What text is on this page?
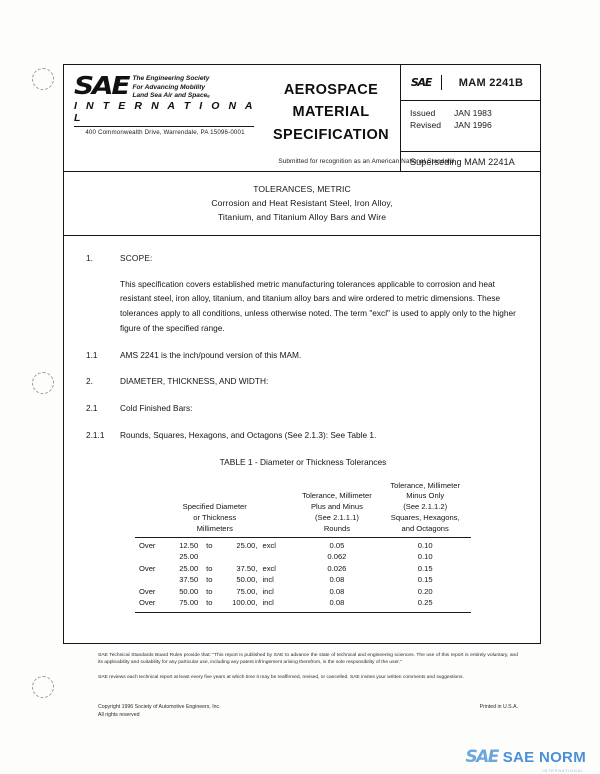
SAE The Engineering Society
For Advancing Mobility
Land Sea Air and Spaceₑ
I N T E R N A T I O N A L
400 Commonwealth Drive, Warrendale, PA 15096-0001
Submitted for recognition as an American National Standard
AEROSPACE
MATERIAL
SPECIFICATION
SAE	MAM 2241B
Issued	JAN 1983
Revised	JAN 1996
Superseding MAM 2241A
TOLERANCES, METRIC
Corrosion and Heat Resistant Steel, Iron Alloy,
Titanium, and Titanium Alloy Bars and Wire
1.	SCOPE:
This specification covers established metric manufacturing tolerances applicable to corrosion and heat resistant steel, iron alloy, titanium, and titanium alloy bars and wire ordered to metric dimensions. These tolerances apply to all conditions, unless otherwise noted. The term "excl" is used to apply only to the higher figure of the specified range.
1.1	AMS 2241 is the inch/pound version of this MAM.
2.	DIAMETER, THICKNESS, AND WIDTH:
2.1	Cold Finished Bars:
2.1.1	Rounds, Squares, Hexagons, and Octagons (See 2.1.3): See Table 1.
TABLE 1 - Diameter or Thickness Tolerances
Specified Diameter
or Thickness
Millimeters

Tolerance, Millimeter
Plus and Minus
(See 2.1.1.1)
Rounds

Tolerance, Millimeter
Minus Only
(See 2.1.1.2)
Squares, Hexagons,
and Octagons

Over	12.50	to	25.00,	excl	0.05	0.10
	25.00				0.062	0.10
Over	25.00	to	37.50,	excl	0.026	0.15
	37.50	to	50.00,	incl	0.08	0.15
Over	50.00	to	75.00,	incl	0.08	0.20
Over	75.00	to	100.00,	incl	0.08	0.25

SAE Technical Standards Board Rules provide that: "This report is published by SAE to advance the state of technical and engineering sciences. The use of this report is entirely voluntary, and its applicability and suitability for any particular use, including any patent infringement arising therefrom, is the sole responsibility of the user."

SAE reviews each technical report at least every five years at which time it may be reaffirmed, revised, or cancelled. SAE invites your written comments and suggestions.

Copyright 1996 Society of Automotive Engineers, Inc.
All rights reserved
Printed in U.S.A.
SAE SAE NORM
INTERNATIONAL
